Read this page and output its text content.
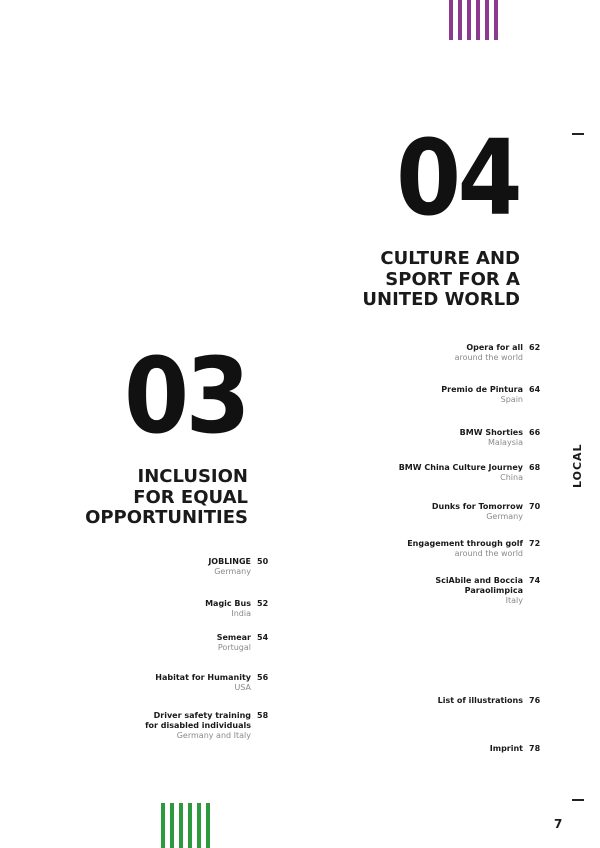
04
CULTURE AND
SPORT FOR A
UNITED WORLD
Opera for all
around the world
62
Premio de Pintura
Spain
64
BMW Shorties
Malaysia
66
BMW China Culture Journey
China
68
Dunks for Tomorrow
Germany
70
Engagement through golf
around the world
72
SciAbile and Boccia Paraolimpica
Italy
74
List of illustrations 76
Imprint 78
03
INCLUSION
FOR EQUAL
OPPORTUNITIES
JOBLINGE
Germany
50
Magic Bus
India
52
Semear
Portugal
54
Habitat for Humanity
USA
56
Driver safety training for disabled individuals
Germany and Italy
58
LOCAL
7
